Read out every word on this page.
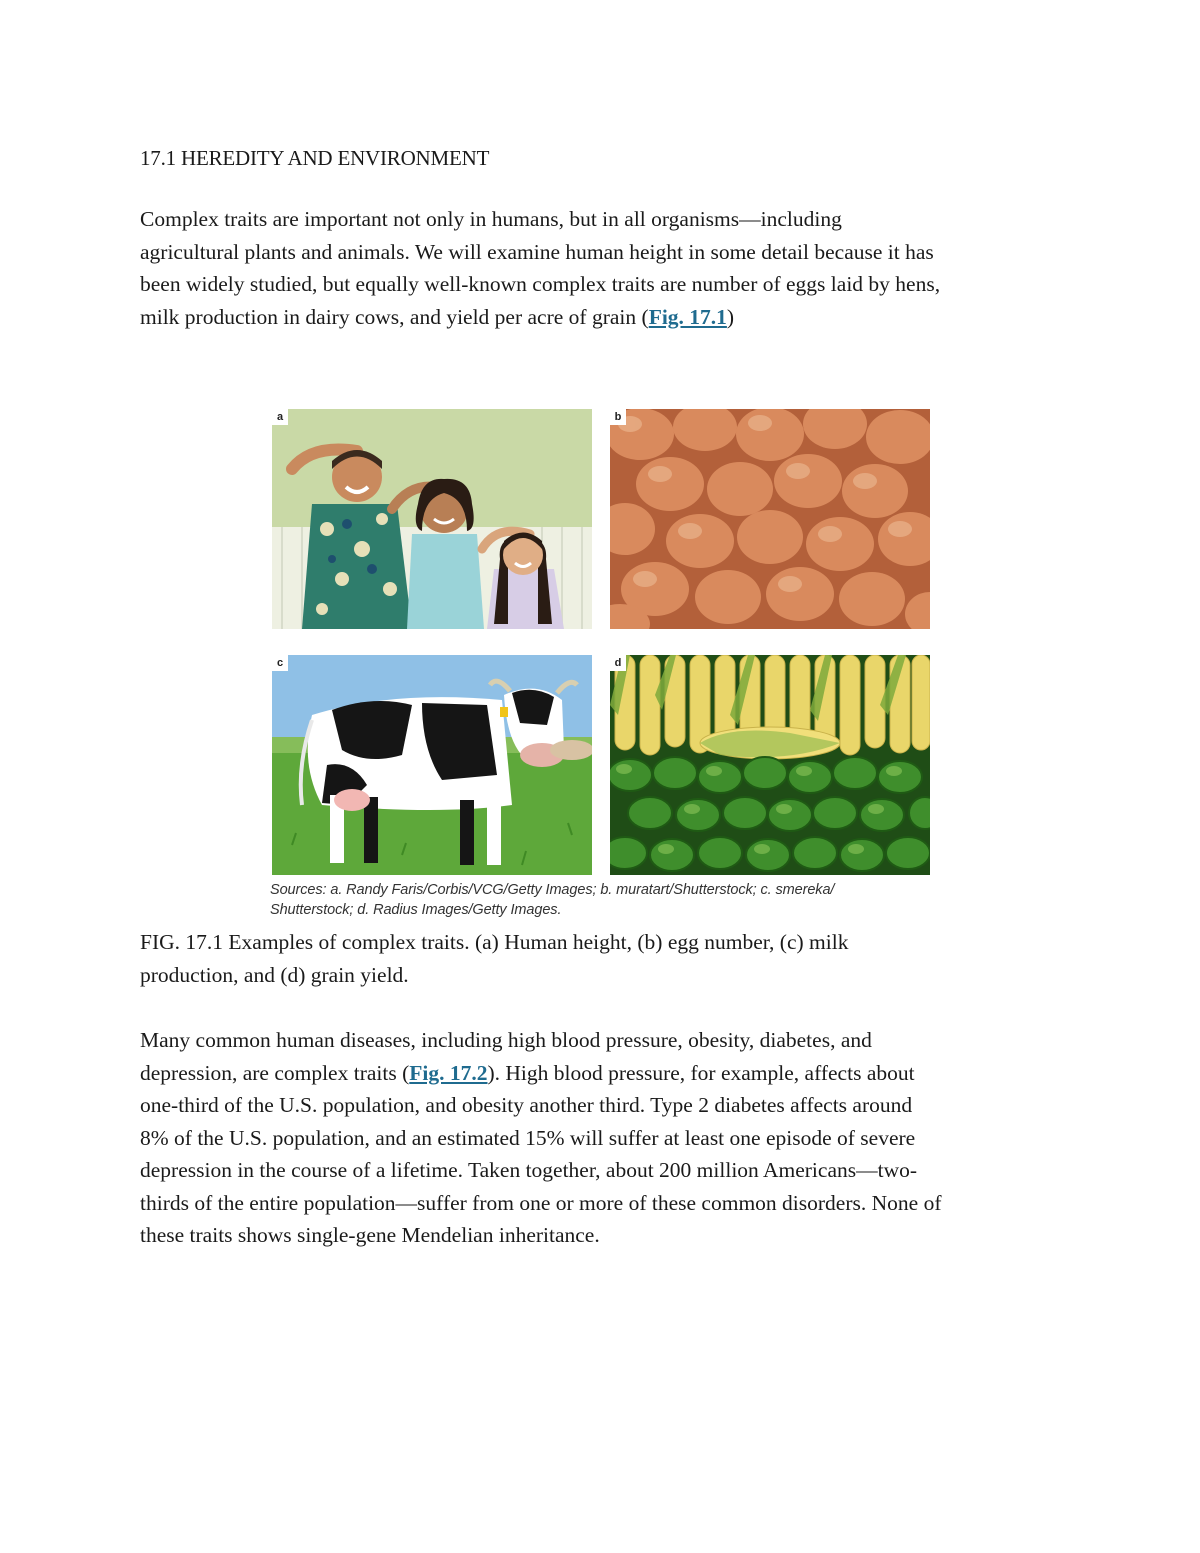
17.1 HEREDITY AND ENVIRONMENT

Complex traits are important not only in humans, but in all organisms—including
agricultural plants and animals. We will examine human height in some detail because it has
been widely studied, but equally well-known complex traits are number of eggs laid by hens,
milk production in dairy cows, and yield per acre of grain (Fig. 17.1)

a	b
c	d
Sources: a. Randy Faris/Corbis/VCG/Getty Images; b. muratart/Shutterstock; c. smereka/
Shutterstock; d. Radius Images/Getty Images.
FIG. 17.1 Examples of complex traits. (a) Human height, (b) egg number, (c) milk
production, and (d) grain yield.

Many common human diseases, including high blood pressure, obesity, diabetes, and
depression, are complex traits (Fig. 17.2). High blood pressure, for example, affects about
one-third of the U.S. population, and obesity another third. Type 2 diabetes affects around
8% of the U.S. population, and an estimated 15% will suffer at least one episode of severe
depression in the course of a lifetime. Taken together, about 200 million Americans—two-
thirds of the entire population—suffer from one or more of these common disorders. None of
these traits shows single-gene Mendelian inheritance.
